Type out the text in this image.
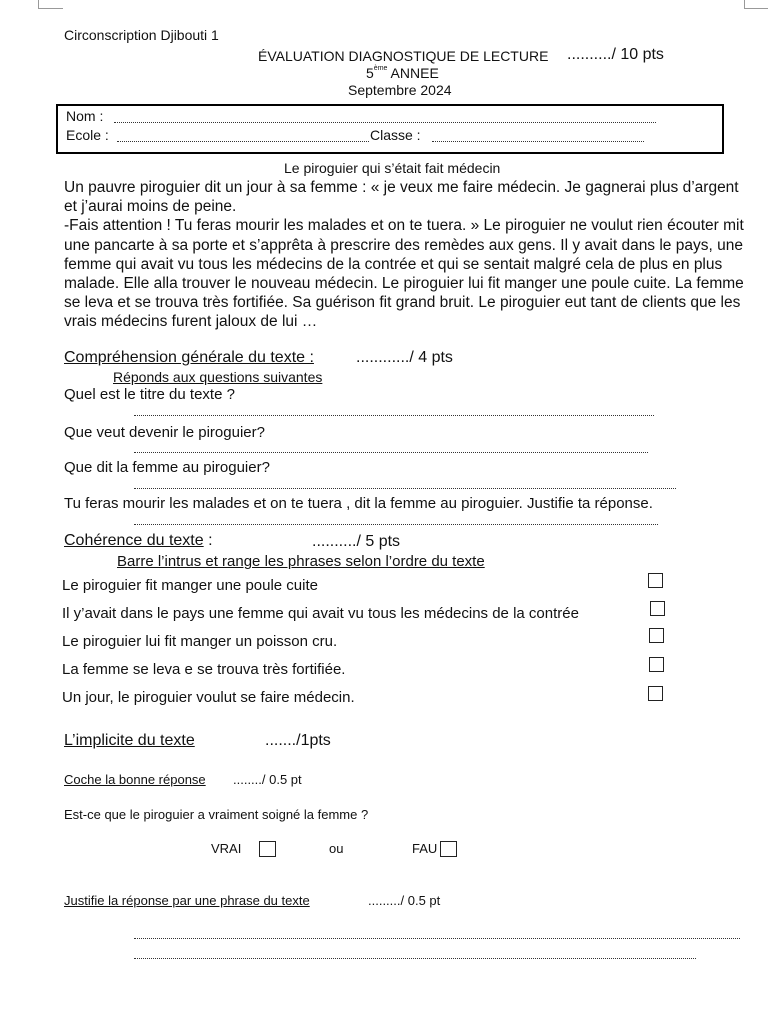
Circonscription Djibouti 1
ÉVALUATION DIAGNOSTIQUE DE LECTURE ........../ 10 pts
5ème ANNEE
Septembre 2024
Nom :
Ecole :	Classe :
Le piroguier qui s’était fait médecin

Un pauvre piroguier dit un jour à sa femme : « je veux me faire médecin. Je gagnerai plus d’argent et j’aurai moins de peine.

-Fais attention ! Tu feras mourir les malades et on te tuera. » Le piroguier ne voulut rien écouter mit une pancarte à sa porte et s’apprêta à prescrire des remèdes aux gens. Il y avait dans le pays, une femme qui avait vu tous les médecins de la contrée et qui se sentait malgré cela de plus en plus malade. Elle alla trouver le nouveau médecin. Le piroguier lui fit manger une poule cuite. La femme se leva et se trouva très fortifiée. Sa guérison fit grand bruit. Le piroguier eut tant de clients que les vrais médecins furent jaloux de lui …

Compréhension générale du texte :	............/ 4 pts
Réponds aux questions suivantes
Quel est le titre du texte ?
Que veut devenir le piroguier?
Que dit la femme au piroguier?
Tu feras mourir les malades et on te tuera , dit la femme au piroguier. Justifie ta réponse.
Cohérence du texte :	........../ 5 pts
Barre l’intrus et range les phrases selon l’ordre du texte
Le piroguier fit manger une poule cuite
Il y’avait dans le pays une femme qui avait vu tous les médecins de la contrée
Le piroguier lui fit manger un poisson cru.
La femme se leva e se trouva très fortifiée.
Un jour, le piroguier voulut se faire médecin.
L’implicite du texte	......./1pts
Coche la bonne réponse ......../ 0.5 pt
Est-ce que le piroguier a vraiment soigné la femme ?
VRAI	ou	FAU
Justifie la réponse par une phrase du texte	........./ 0.5 pt
